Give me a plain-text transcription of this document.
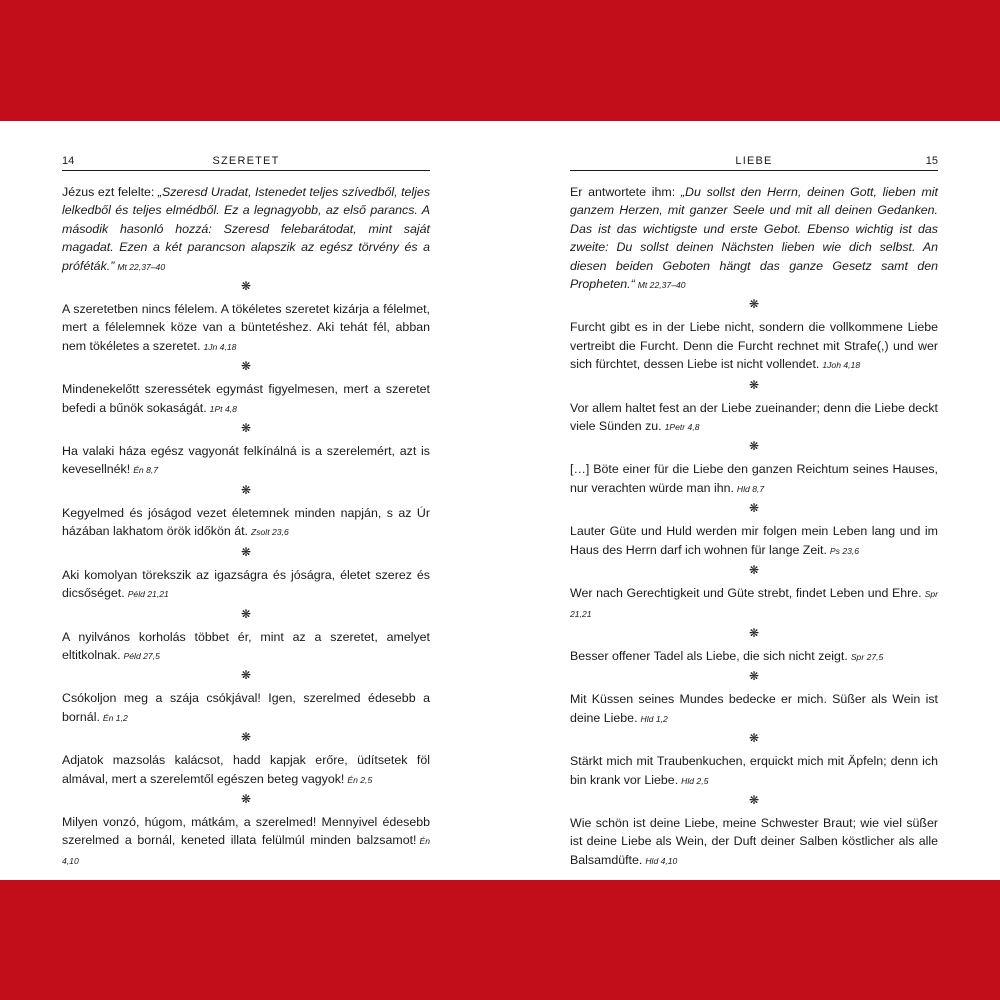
14	SZERETET

Jézus ezt felelte: „Szeresd Uradat, Istenedet teljes szívedből, teljes lelkedből és teljes elmédből. Ez a legnagyobb, az első parancs. A második hasonló hozzá: Szeresd felebarátodat, mint saját magadat. Ezen a két parancson alapszik az egész törvény és a próféták.” Mt 22,37–40

❋

A szeretetben nincs félelem. A tökéletes szeretet kizárja a félelmet, mert a félelemnek köze van a büntetéshez. Aki tehát fél, abban nem tökéletes a szeretet. 1Jn 4,18

❋

Mindenekelőtt szeressétek egymást figyelmesen, mert a szeretet befedi a bűnök sokaságát. 1Pt 4,8

❋

Ha valaki háza egész vagyonát felkínálná is a szerelemért, azt is kevesellnék! Én 8,7

❋

Kegyelmed és jóságod vezet életemnek minden napján, s az Úr házában lakhatom örök időkön át. Zsolt 23,6

❋

Aki komolyan törekszik az igazságra és jóságra, életet szerez és dicsőséget. Péld 21,21

❋

A nyilvános korholás többet ér, mint az a szeretet, amelyet eltitkolnak. Péld 27,5

❋

Csókoljon meg a szája csókjával! Igen, szerelmed édesebb a bornál. Én 1,2

❋

Adjatok mazsolás kalácsot, hadd kapjak erőre, üdítsetek föl almával, mert a szerelemtől egészen beteg vagyok! Én 2,5

❋

Milyen vonzó, húgom, mátkám, a szerelmed! Mennyivel édesebb szerelmed a bornál, keneted illata felülmúl minden balzsamot! Én 4,10

LIEBE	15

Er antwortete ihm: „Du sollst den Herrn, deinen Gott, lieben mit ganzem Herzen, mit ganzer Seele und mit all deinen Gedanken. Das ist das wichtigste und erste Gebot. Ebenso wichtig ist das zweite: Du sollst deinen Nächsten lieben wie dich selbst. An diesen beiden Geboten hängt das ganze Gesetz samt den Propheten.“ Mt 22,37–40

❋

Furcht gibt es in der Liebe nicht, sondern die vollkommene Liebe vertreibt die Furcht. Denn die Furcht rechnet mit Strafe(,) und wer sich fürchtet, dessen Liebe ist nicht vollendet. 1Joh 4,18

❋

Vor allem haltet fest an der Liebe zueinander; denn die Liebe deckt viele Sünden zu. 1Petr 4,8

❋

[…] Böte einer für die Liebe den ganzen Reichtum seines Hauses, nur verachten würde man ihn. Hld 8,7

❋

Lauter Güte und Huld werden mir folgen mein Leben lang und im Haus des Herrn darf ich wohnen für lange Zeit. Ps 23,6

❋

Wer nach Gerechtigkeit und Güte strebt, findet Leben und Ehre. Spr 21,21

❋

Besser offener Tadel als Liebe, die sich nicht zeigt. Spr 27,5

❋

Mit Küssen seines Mundes bedecke er mich. Süßer als Wein ist deine Liebe. Hld 1,2

❋

Stärkt mich mit Traubenkuchen, erquickt mich mit Äpfeln; denn ich bin krank vor Liebe. Hld 2,5

❋

Wie schön ist deine Liebe, meine Schwester Braut; wie viel süßer ist deine Liebe als Wein, der Duft deiner Salben köstlicher als alle Balsamdüfte. Hld 4,10
